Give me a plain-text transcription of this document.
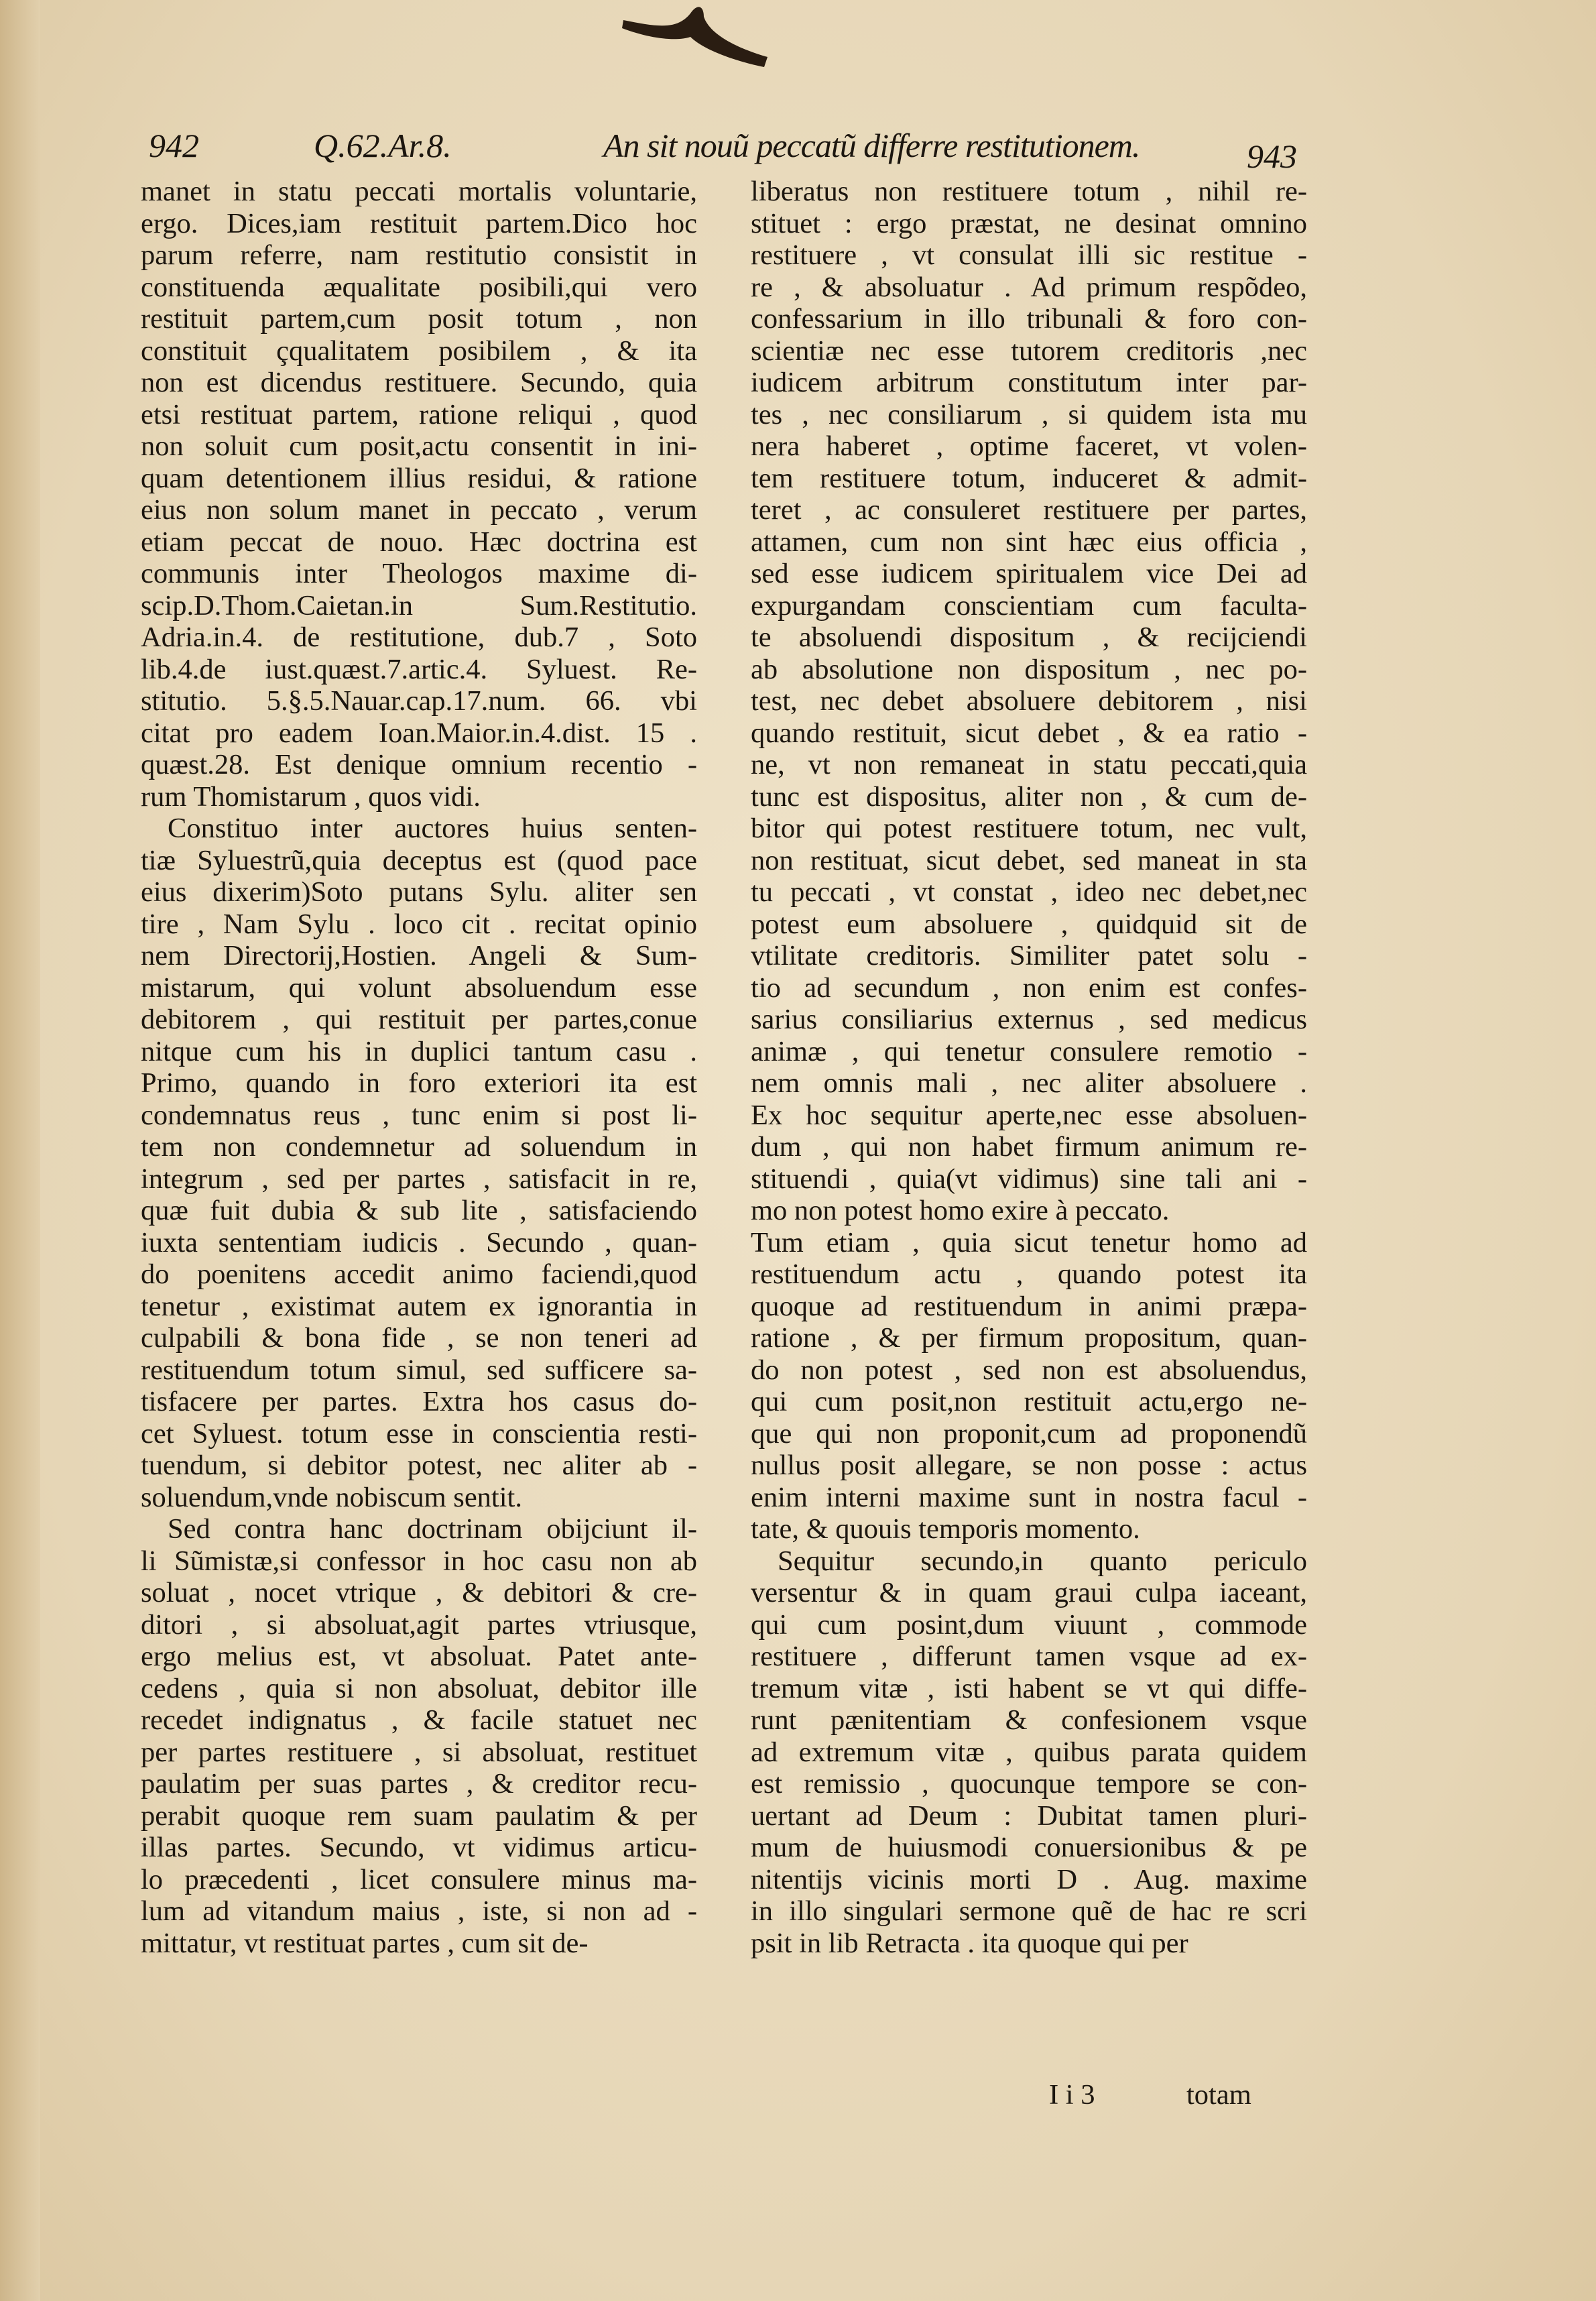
942	Q.62.Ar.8.	An sit nouũ peccatũ differre restitutionem.	943
manet in statu peccati mortalis voluntarie,
ergo. Dices,iam restituit partem.Dico hoc
parum referre, nam restitutio consistit in
constituenda æqualitate posibili,qui vero
restituit partem,cum posit totum , non
constituit çqualitatem posibilem , & ita
non est dicendus restituere. Secundo, quia
etsi restituat partem, ratione reliqui , quod
non soluit cum posit,actu consentit in ini-
quam detentionem illius residui, & ratione
eius non solum manet in peccato , verum
etiam peccat de nouo. Hæc doctrina est
communis inter Theologos maxime di-
scip.D.Thom.Caietan.in Sum.Restitutio.
Adria.in.4. de restitutione, dub.7 , Soto
lib.4.de iust.quæst.7.artic.4. Syluest. Re-
stitutio. 5.§.5.Nauar.cap.17.num. 66. vbi
citat pro eadem Ioan.Maior.in.4.dist. 15 .
quæst.28. Est denique omnium recentio -
rum Thomistarum , quos vidi.
Constituo inter auctores huius senten-
tiæ Syluestrũ,quia deceptus est (quod pace
eius dixerim)Soto putans Sylu. aliter sen
tire , Nam Sylu . loco cit . recitat opinio
nem Directorij,Hostien. Angeli & Sum-
mistarum, qui volunt absoluendum esse
debitorem , qui restituit per partes,conue
nitque cum his in duplici tantum casu .
Primo, quando in foro exteriori ita est
condemnatus reus , tunc enim si post li-
tem non condemnetur ad soluendum in
integrum , sed per partes , satisfacit in re,
quæ fuit dubia & sub lite , satisfaciendo
iuxta sententiam iudicis . Secundo , quan-
do poenitens accedit animo faciendi,quod
tenetur , existimat autem ex ignorantia in
culpabili & bona fide , se non teneri ad
restituendum totum simul, sed sufficere sa-
tisfacere per partes. Extra hos casus do-
cet Syluest. totum esse in conscientia resti-
tuendum, si debitor potest, nec aliter ab -
soluendum,vnde nobiscum sentit.
Sed contra hanc doctrinam obijciunt il-
li Sũmistæ,si confessor in hoc casu non ab
soluat , nocet vtrique , & debitori & cre-
ditori , si absoluat,agit partes vtriusque,
ergo melius est, vt absoluat. Patet ante-
cedens , quia si non absoluat, debitor ille
recedet indignatus , & facile statuet nec
per partes restituere , si absoluat, restituet
paulatim per suas partes , & creditor recu-
perabit quoque rem suam paulatim & per
illas partes. Secundo, vt vidimus articu-
lo præcedenti , licet consulere minus ma-
lum ad vitandum maius , iste, si non ad -
mittatur, vt restituat partes , cum sit de-
liberatus non restituere totum , nihil re-
stituet : ergo præstat, ne desinat omnino
restituere , vt consulat illi sic restitue -
re , & absoluatur . Ad primum respõdeo,
confessarium in illo tribunali & foro con-
scientiæ nec esse tutorem creditoris ,nec
iudicem arbitrum constitutum inter par-
tes , nec consiliarum , si quidem ista mu
nera haberet , optime faceret, vt volen-
tem restituere totum, induceret & admit-
teret , ac consuleret restituere per partes,
attamen, cum non sint hæc eius officia ,
sed esse iudicem spiritualem vice Dei ad
expurgandam conscientiam cum faculta-
te absoluendi dispositum , & recijciendi
ab absolutione non dispositum , nec po-
test, nec debet absoluere debitorem , nisi
quando restituit, sicut debet , & ea ratio -
ne, vt non remaneat in statu peccati,quia
tunc est dispositus, aliter non , & cum de-
bitor qui potest restituere totum, nec vult,
non restituat, sicut debet, sed maneat in sta
tu peccati , vt constat , ideo nec debet,nec
potest eum absoluere , quidquid sit de
vtilitate creditoris. Similiter patet solu -
tio ad secundum , non enim est confes-
sarius consiliarius externus , sed medicus
animæ , qui tenetur consulere remotio -
nem omnis mali , nec aliter absoluere .
Ex hoc sequitur aperte,nec esse absoluen-
dum , qui non habet firmum animum re-
stituendi , quia(vt vidimus) sine tali ani -
mo non potest homo exire à peccato.
Tum etiam , quia sicut tenetur homo ad
restituendum actu , quando potest ita
quoque ad restituendum in animi præpa-
ratione , & per firmum propositum, quan-
do non potest , sed non est absoluendus,
qui cum posit,non restituit actu,ergo ne-
que qui non proponit,cum ad proponendũ
nullus posit allegare, se non posse : actus
enim interni maxime sunt in nostra facul -
tate, & quouis temporis momento.
Sequitur secundo,in quanto periculo
versentur & in quam graui culpa iaceant,
qui cum posint,dum viuunt , commode
restituere , differunt tamen vsque ad ex-
tremum vitæ , isti habent se vt qui diffe-
runt pænitentiam & confesionem vsque
ad extremum vitæ , quibus parata quidem
est remissio , quocunque tempore se con-
uertant ad Deum : Dubitat tamen pluri-
mum de huiusmodi conuersionibus & pe
nitentijs vicinis morti D . Aug. maxime
in illo singulari sermone quẽ de hac re scri
psit in lib Retracta . ita quoque qui per
I i 3	totam
